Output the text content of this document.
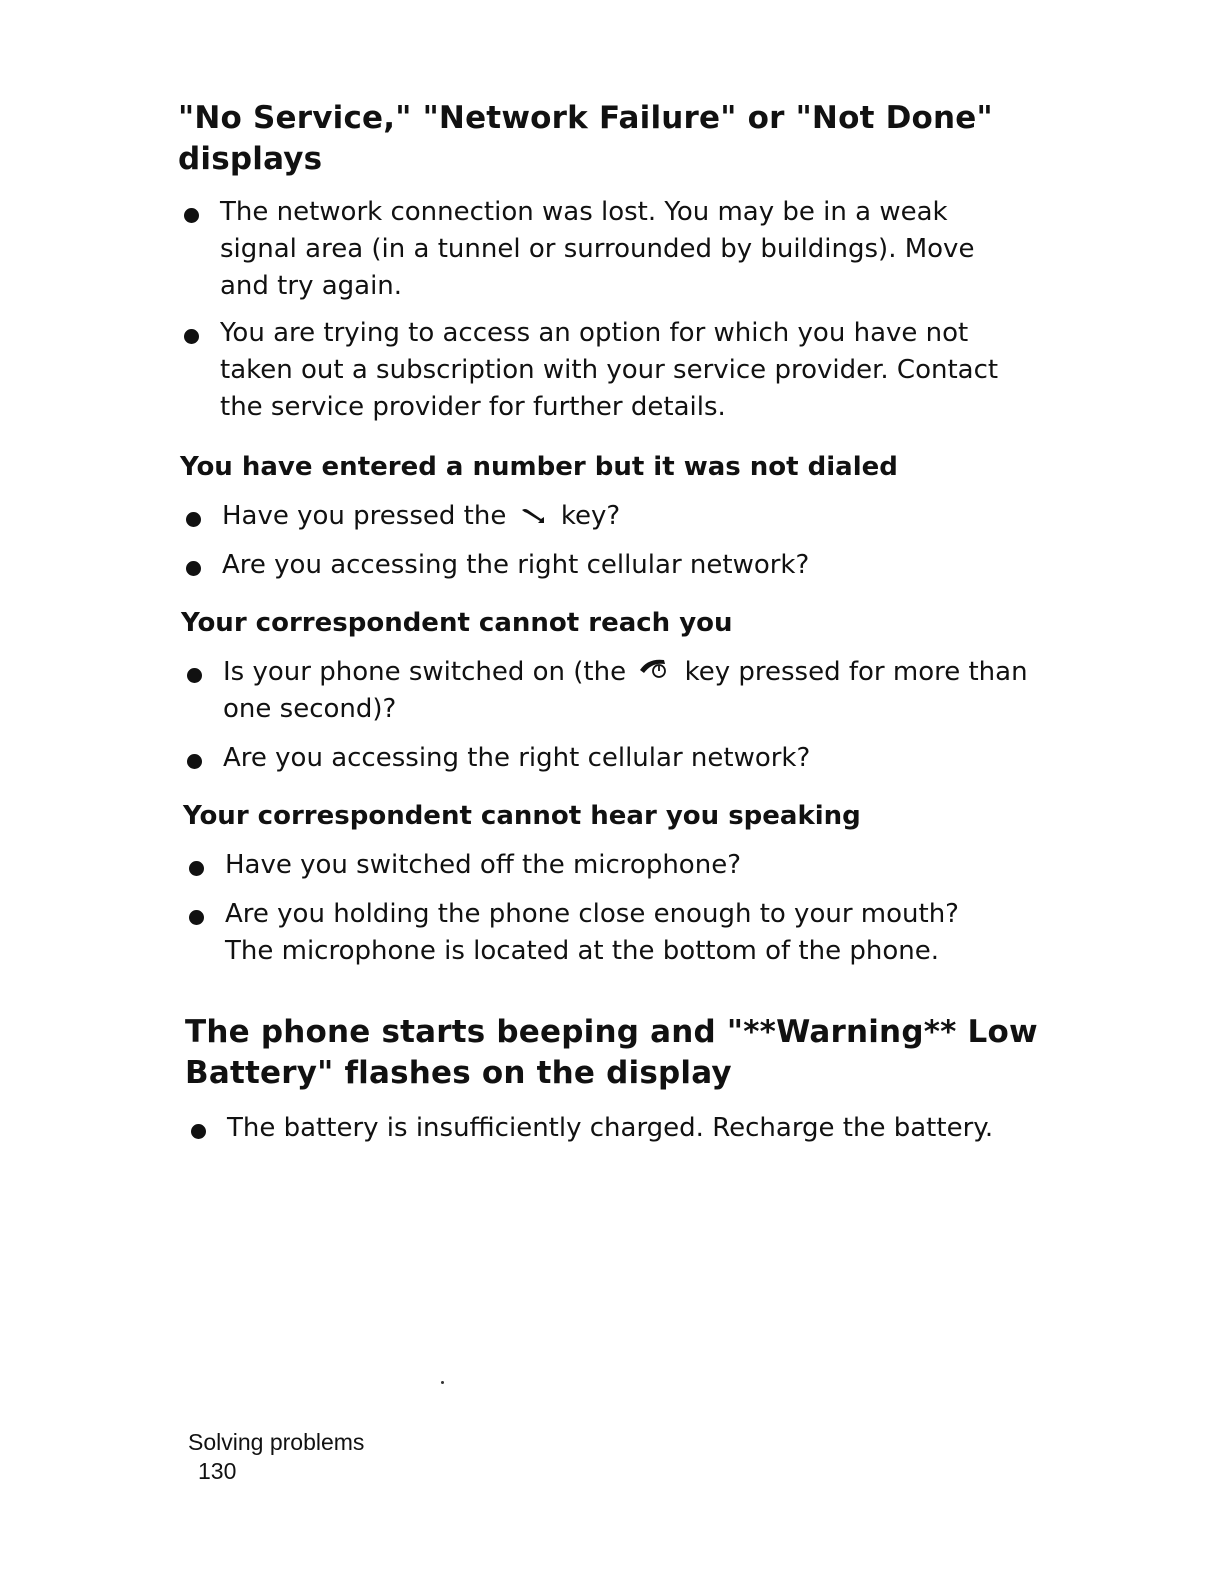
"No Service," "Network Failure" or "Not Done" displays
The network connection was lost. You may be in a weak signal area (in a tunnel or surrounded by buildings). Move and try again.
You are trying to access an option for which you have not taken out a subscription with your service provider. Contact the service provider for further details.
You have entered a number but it was not dialed
Have you pressed the key?
Are you accessing the right cellular network?
Your correspondent cannot reach you
Is your phone switched on (the key pressed for more than one second)?
Are you accessing the right cellular network?
Your correspondent cannot hear you speaking
Have you switched off the microphone?
Are you holding the phone close enough to your mouth? The microphone is located at the bottom of the phone.
The phone starts beeping and "**Warning** Low Battery" flashes on the display
The battery is insufficiently charged. Recharge the battery.
Solving problems
130
